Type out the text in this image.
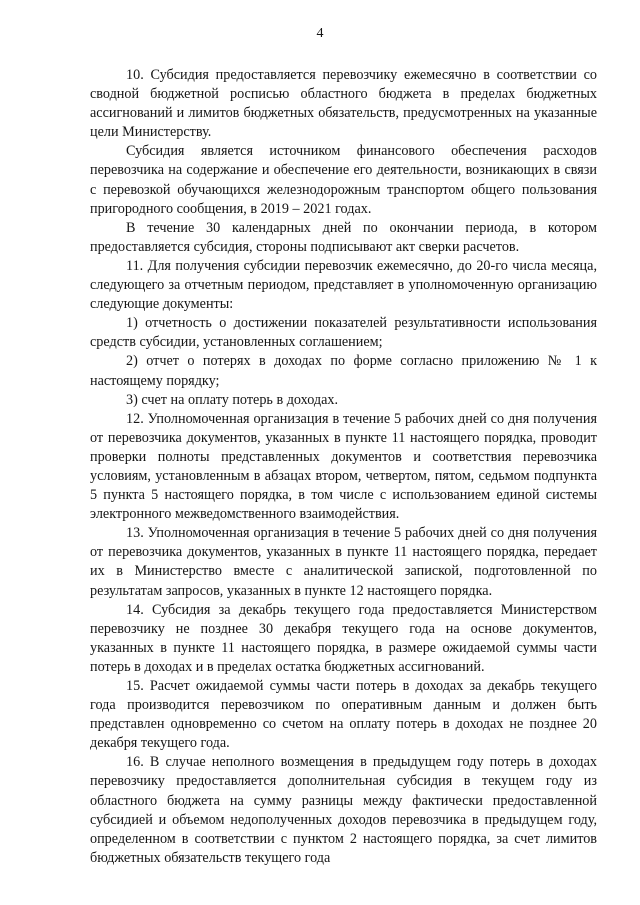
4

10. Субсидия предоставляется перевозчику ежемесячно в соответствии со сводной бюджетной росписью областного бюджета в пределах бюджетных ассигнований и лимитов бюджетных обязательств, предусмотренных на указанные цели Министерству.

Субсидия является источником финансового обеспечения расходов перевозчика на содержание и обеспечение его деятельности, возникающих в связи с перевозкой обучающихся железнодорожным транспортом общего пользования пригородного сообщения, в 2019 – 2021 годах.

В течение 30 календарных дней по окончании периода, в котором предоставляется субсидия, стороны подписывают акт сверки расчетов.

11. Для получения субсидии перевозчик ежемесячно, до 20-го числа месяца, следующего за отчетным периодом, представляет в уполномоченную организацию следующие документы:

1) отчетность о достижении показателей результативности использования средств субсидии, установленных соглашением;

2) отчет о потерях в доходах по форме согласно приложению № 1 к настоящему порядку;

3) счет на оплату потерь в доходах.

12. Уполномоченная организация в течение 5 рабочих дней со дня получения от перевозчика документов, указанных в пункте 11 настоящего порядка, проводит проверки полноты представленных документов и соответствия перевозчика условиям, установленным в абзацах втором, четвертом, пятом, седьмом подпункта 5 пункта 5 настоящего порядка, в том числе с использованием единой системы электронного межведомственного взаимодействия.

13. Уполномоченная организация в течение 5 рабочих дней со дня получения от перевозчика документов, указанных в пункте 11 настоящего порядка, передает их в Министерство вместе с аналитической запиской, подготовленной по результатам запросов, указанных в пункте 12 настоящего порядка.

14. Субсидия за декабрь текущего года предоставляется Министерством перевозчику не позднее 30 декабря текущего года на основе документов, указанных в пункте 11 настоящего порядка, в размере ожидаемой суммы части потерь в доходах и в пределах остатка бюджетных ассигнований.

15. Расчет ожидаемой суммы части потерь в доходах за декабрь текущего года производится перевозчиком по оперативным данным и должен быть представлен одновременно со счетом на оплату потерь в доходах не позднее 20 декабря текущего года.

16. В случае неполного возмещения в предыдущем году потерь в доходах перевозчику предоставляется дополнительная субсидия в текущем году из областного бюджета на сумму разницы между фактически предоставленной субсидией и объемом недополученных доходов перевозчика в предыдущем году, определенном в соответствии с пунктом 2 настоящего порядка, за счет лимитов бюджетных обязательств текущего года
